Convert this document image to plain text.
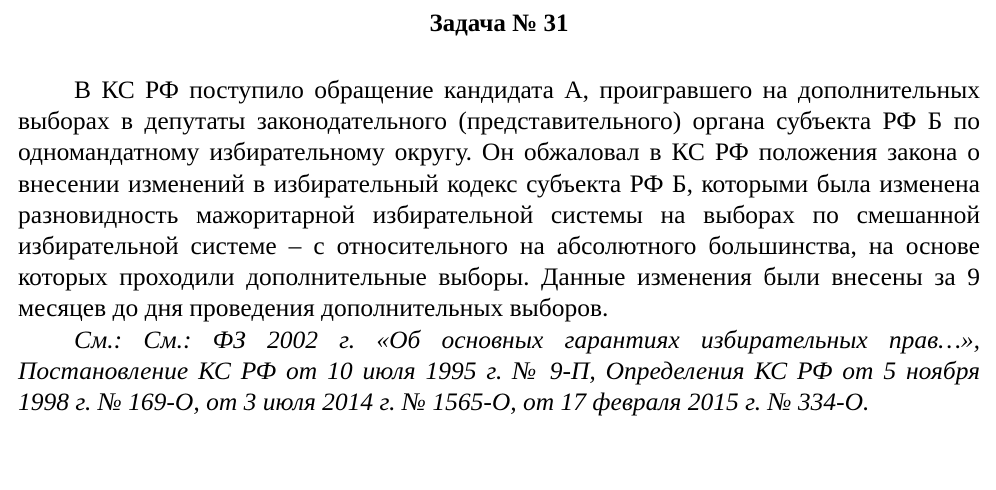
Задача № 31

В КС РФ поступило обращение кандидата А, проигравшего на дополнительных выборах в депутаты законодательного (представительного) органа субъекта РФ Б по одномандатному избирательному округу. Он обжаловал в КС РФ положения закона о внесении изменений в избирательный кодекс субъекта РФ Б, которыми была изменена разновидность мажоритарной избирательной системы на выборах по смешанной избирательной системе – с относительного на абсолютного большинства, на основе которых проходили дополнительные выборы. Данные изменения были внесены за 9 месяцев до дня проведения дополнительных выборов.

См.: См.: ФЗ 2002 г. «Об основных гарантиях избирательных прав…», Постановление КС РФ от 10 июля 1995 г. № 9-П, Определения КС РФ от 5 ноября 1998 г. № 169-О, от 3 июля 2014 г. № 1565-О, от 17 февраля 2015 г. № 334-О.
